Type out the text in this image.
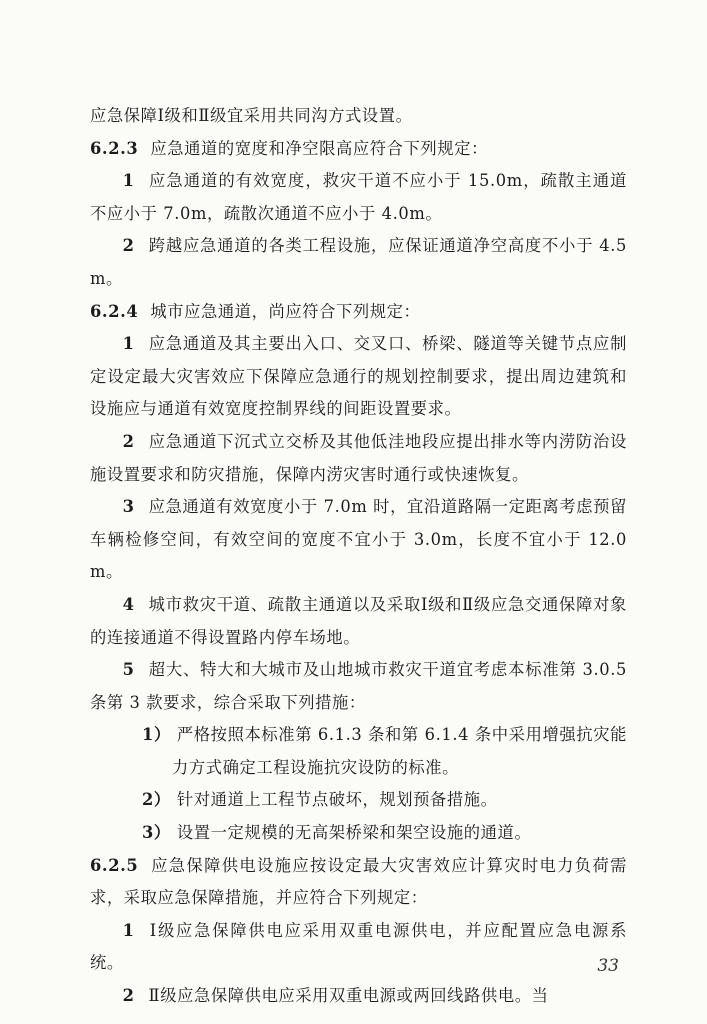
应急保障Ⅰ级和Ⅱ级宜采用共同沟方式设置。

6.2.3 应急通道的宽度和净空限高应符合下列规定：

1 应急通道的有效宽度，救灾干道不应小于 15.0m，疏散主通道不应小于 7.0m，疏散次通道不应小于 4.0m。

2 跨越应急通道的各类工程设施，应保证通道净空高度不小于 4.5m。

6.2.4 城市应急通道，尚应符合下列规定：

1 应急通道及其主要出入口、交叉口、桥梁、隧道等关键节点应制定设定最大灾害效应下保障应急通行的规划控制要求，提出周边建筑和设施应与通道有效宽度控制界线的间距设置要求。

2 应急通道下沉式立交桥及其他低洼地段应提出排水等内涝防治设施设置要求和防灾措施，保障内涝灾害时通行或快速恢复。

3 应急通道有效宽度小于 7.0m 时，宜沿道路隔一定距离考虑预留车辆检修空间，有效空间的宽度不宜小于 3.0m，长度不宜小于 12.0m。

4 城市救灾干道、疏散主通道以及采取Ⅰ级和Ⅱ级应急交通保障对象的连接通道不得设置路内停车场地。

5 超大、特大和大城市及山地城市救灾干道宜考虑本标准第 3.0.5 条第 3 款要求，综合采取下列措施：

1） 严格按照本标准第 6.1.3 条和第 6.1.4 条中采用增强抗灾能力方式确定工程设施抗灾设防的标准。

2） 针对通道上工程节点破坏，规划预备措施。

3） 设置一定规模的无高架桥梁和架空设施的通道。

6.2.5 应急保障供电设施应按设定最大灾害效应计算灾时电力负荷需求，采取应急保障措施，并应符合下列规定：

1 Ⅰ级应急保障供电应采用双重电源供电，并应配置应急电源系统。

2 Ⅱ级应急保障供电应采用双重电源或两回线路供电。当

33
